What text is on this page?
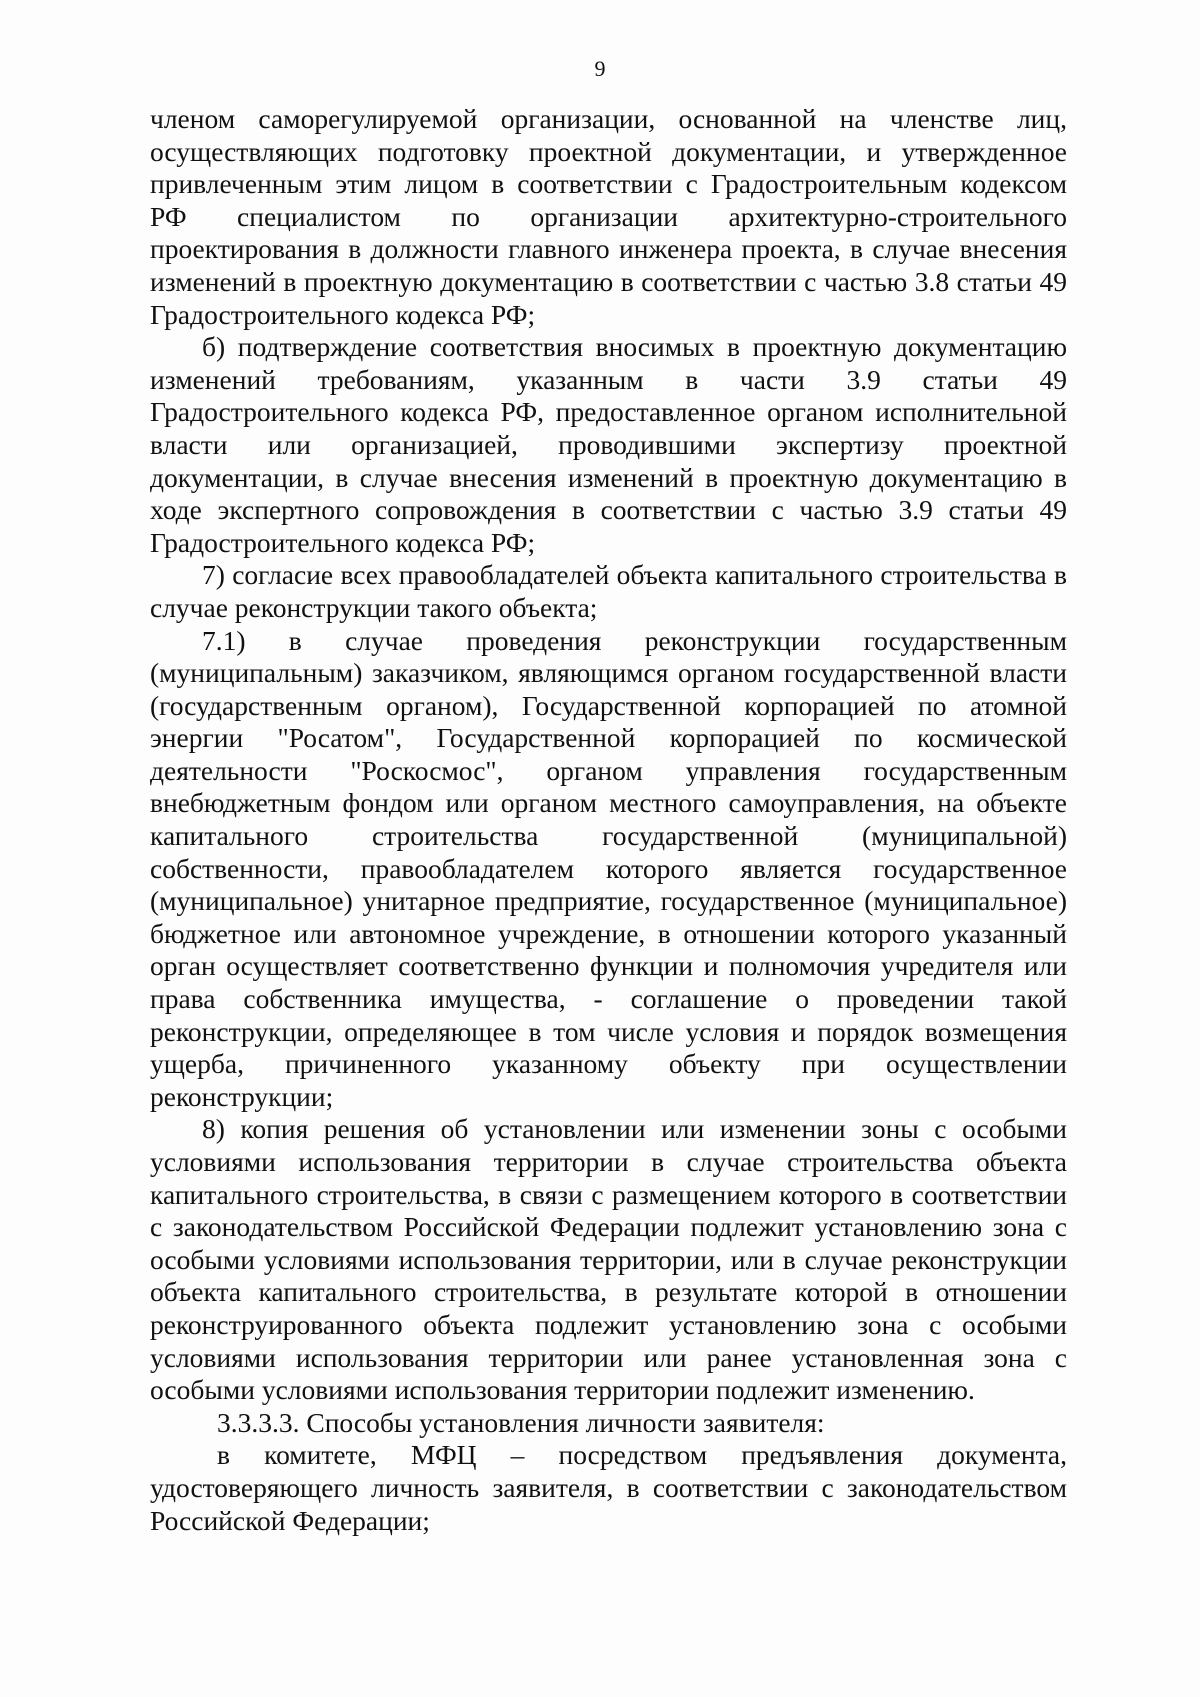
9

членом саморегулируемой организации, основанной на членстве лиц, осуществляющих подготовку проектной документации, и утвержденное привлеченным этим лицом в соответствии с Градостроительным кодексом РФ специалистом по организации архитектурно-строительного проектирования в должности главного инженера проекта, в случае внесения изменений в проектную документацию в соответствии с частью 3.8 статьи 49 Градостроительного кодекса РФ;

б) подтверждение соответствия вносимых в проектную документацию изменений требованиям, указанным в части 3.9 статьи 49 Градостроительного кодекса РФ, предоставленное органом исполнительной власти или организацией, проводившими экспертизу проектной документации, в случае внесения изменений в проектную документацию в ходе экспертного сопровождения в соответствии с частью 3.9 статьи 49 Градостроительного кодекса РФ;

7) согласие всех правообладателей объекта капитального строительства в случае реконструкции такого объекта;

7.1) в случае проведения реконструкции государственным (муниципальным) заказчиком, являющимся органом государственной власти (государственным органом), Государственной корпорацией по атомной энергии "Росатом", Государственной корпорацией по космической деятельности "Роскосмос", органом управления государственным внебюджетным фондом или органом местного самоуправления, на объекте капитального строительства государственной (муниципальной) собственности, правообладателем которого является государственное (муниципальное) унитарное предприятие, государственное (муниципальное) бюджетное или автономное учреждение, в отношении которого указанный орган осуществляет соответственно функции и полномочия учредителя или права собственника имущества, - соглашение о проведении такой реконструкции, определяющее в том числе условия и порядок возмещения ущерба, причиненного указанному объекту при осуществлении реконструкции;

8) копия решения об установлении или изменении зоны с особыми условиями использования территории в случае строительства объекта капитального строительства, в связи с размещением которого в соответствии с законодательством Российской Федерации подлежит установлению зона с особыми условиями использования территории, или в случае реконструкции объекта капитального строительства, в результате которой в отношении реконструированного объекта подлежит установлению зона с особыми условиями использования территории или ранее установленная зона с особыми условиями использования территории подлежит изменению.

3.3.3.3. Способы установления личности заявителя:

в комитете, МФЦ – посредством предъявления документа, удостоверяющего личность заявителя, в соответствии с законодательством Российской Федерации;
